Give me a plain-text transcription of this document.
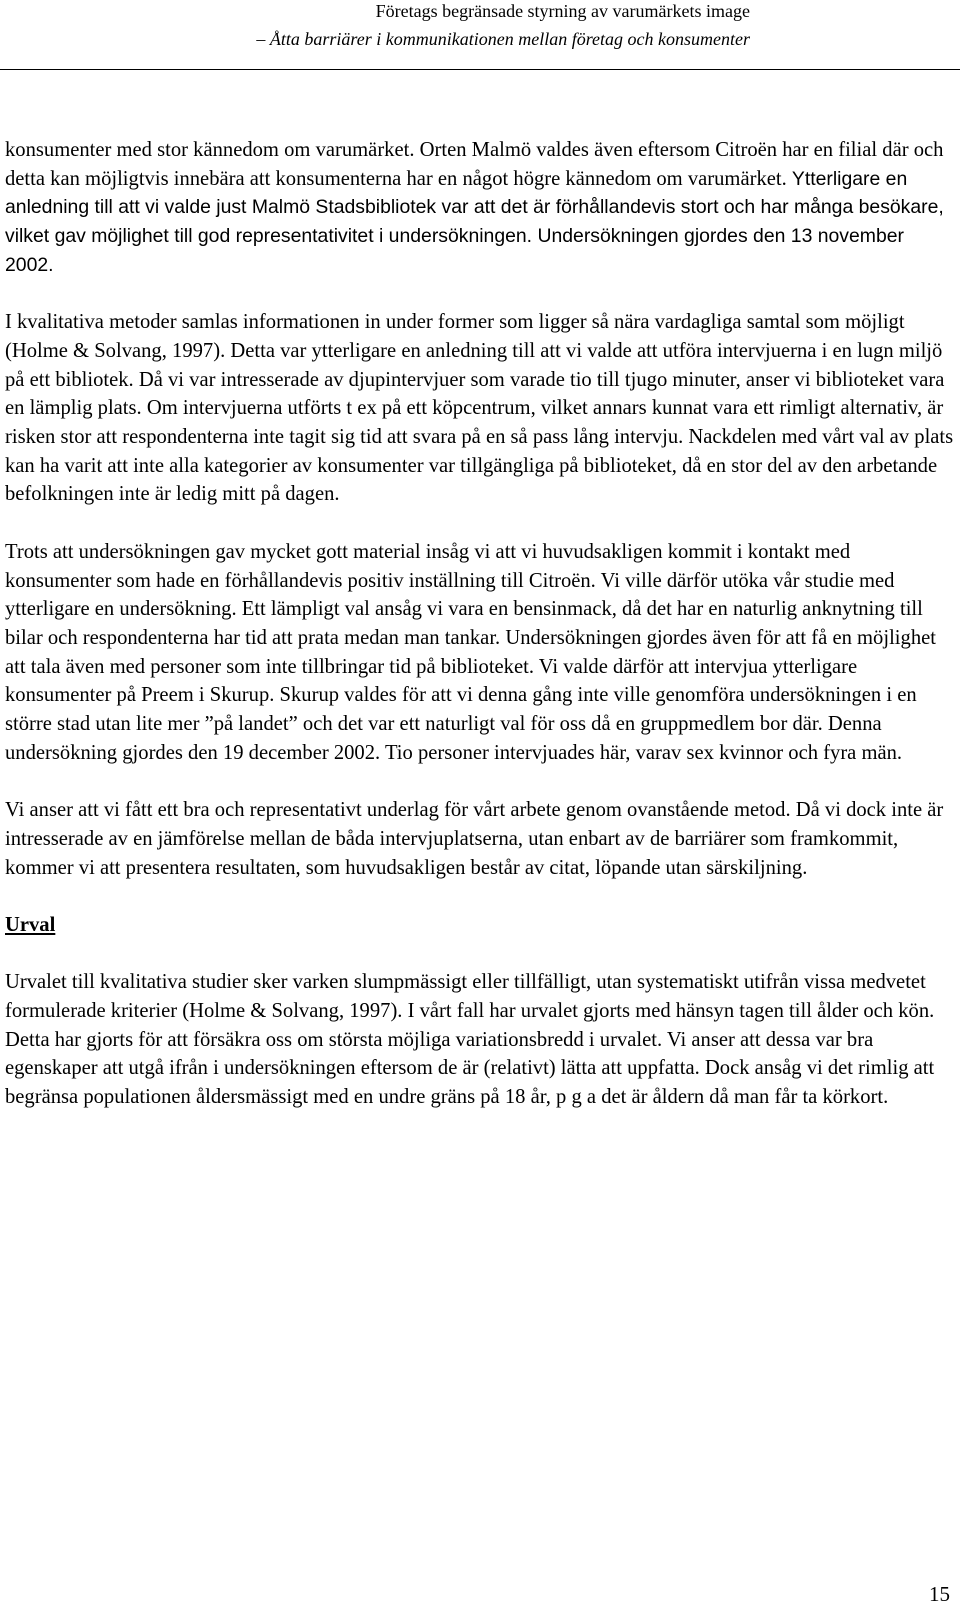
Företags begränsade styrning av varumärkets image
– Åtta barriärer i kommunikationen mellan företag och konsumenter

konsumenter med stor kännedom om varumärket. Orten Malmö valdes även eftersom Citroën har en filial där och detta kan möjligtvis innebära att konsumenterna har en något högre kännedom om varumärket. Ytterligare en anledning till att vi valde just Malmö Stadsbibliotek var att det är förhållandevis stort och har många besökare, vilket gav möjlighet till god representativitet i undersökningen. Undersökningen gjordes den 13 november 2002.

I kvalitativa metoder samlas informationen in under former som ligger så nära vardagliga samtal som möjligt (Holme & Solvang, 1997). Detta var ytterligare en anledning till att vi valde att utföra intervjuerna i en lugn miljö på ett bibliotek. Då vi var intresserade av djupintervjuer som varade tio till tjugo minuter, anser vi biblioteket vara en lämplig plats. Om intervjuerna utförts t ex på ett köpcentrum, vilket annars kunnat vara ett rimligt alternativ, är risken stor att respondenterna inte tagit sig tid att svara på en så pass lång intervju. Nackdelen med vårt val av plats kan ha varit att inte alla kategorier av konsumenter var tillgängliga på biblioteket, då en stor del av den arbetande befolkningen inte är ledig mitt på dagen.

Trots att undersökningen gav mycket gott material insåg vi att vi huvudsakligen kommit i kontakt med konsumenter som hade en förhållandevis positiv inställning till Citroën. Vi ville därför utöka vår studie med ytterligare en undersökning. Ett lämpligt val ansåg vi vara en bensinmack, då det har en naturlig anknytning till bilar och respondenterna har tid att prata medan man tankar. Undersökningen gjordes även för att få en möjlighet att tala även med personer som inte tillbringar tid på biblioteket. Vi valde därför att intervjua ytterligare konsumenter på Preem i Skurup. Skurup valdes för att vi denna gång inte ville genomföra undersökningen i en större stad utan lite mer ”på landet” och det var ett naturligt val för oss då en gruppmedlem bor där. Denna undersökning gjordes den 19 december 2002. Tio personer intervjuades här, varav sex kvinnor och fyra män.

Vi anser att vi fått ett bra och representativt underlag för vårt arbete genom ovanstående metod. Då vi dock inte är intresserade av en jämförelse mellan de båda intervjuplatserna, utan enbart av de barriärer som framkommit, kommer vi att presentera resultaten, som huvudsakligen består av citat, löpande utan särskiljning.

Urval

Urvalet till kvalitativa studier sker varken slumpmässigt eller tillfälligt, utan systematiskt utifrån vissa medvetet formulerade kriterier (Holme & Solvang, 1997). I vårt fall har urvalet gjorts med hänsyn tagen till ålder och kön. Detta har gjorts för att försäkra oss om största möjliga variationsbredd i urvalet. Vi anser att dessa var bra egenskaper att utgå ifrån i undersökningen eftersom de är (relativt) lätta att uppfatta. Dock ansåg vi det rimlig att begränsa populationen åldersmässigt med en undre gräns på 18 år, p g a det är åldern då man får ta körkort.

15
